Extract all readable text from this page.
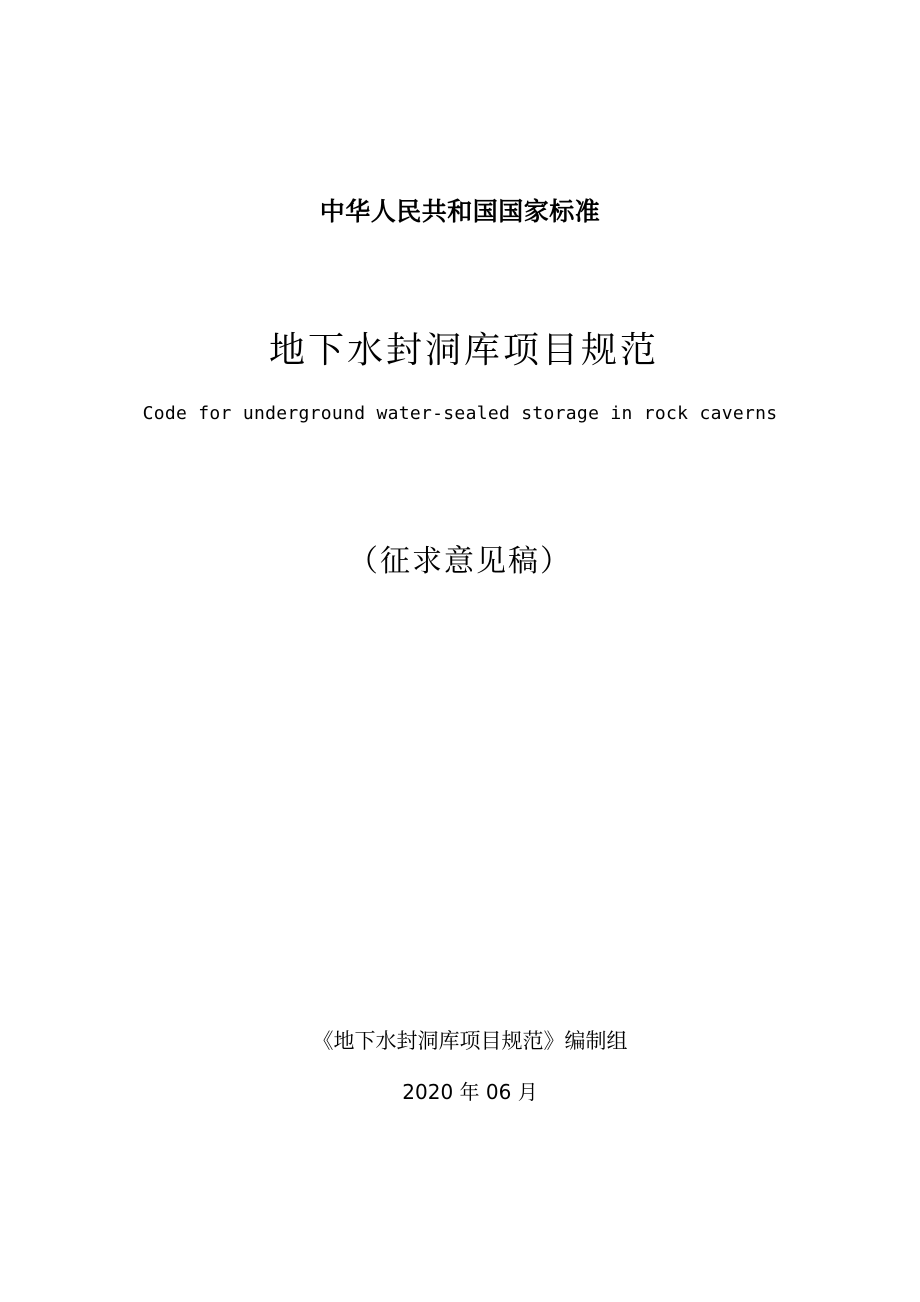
中华人民共和国国家标准
地下水封洞库项目规范
Code for underground water-sealed storage in rock caverns
（征求意见稿）
《地下水封洞库项目规范》编制组
2020 年 06 月
